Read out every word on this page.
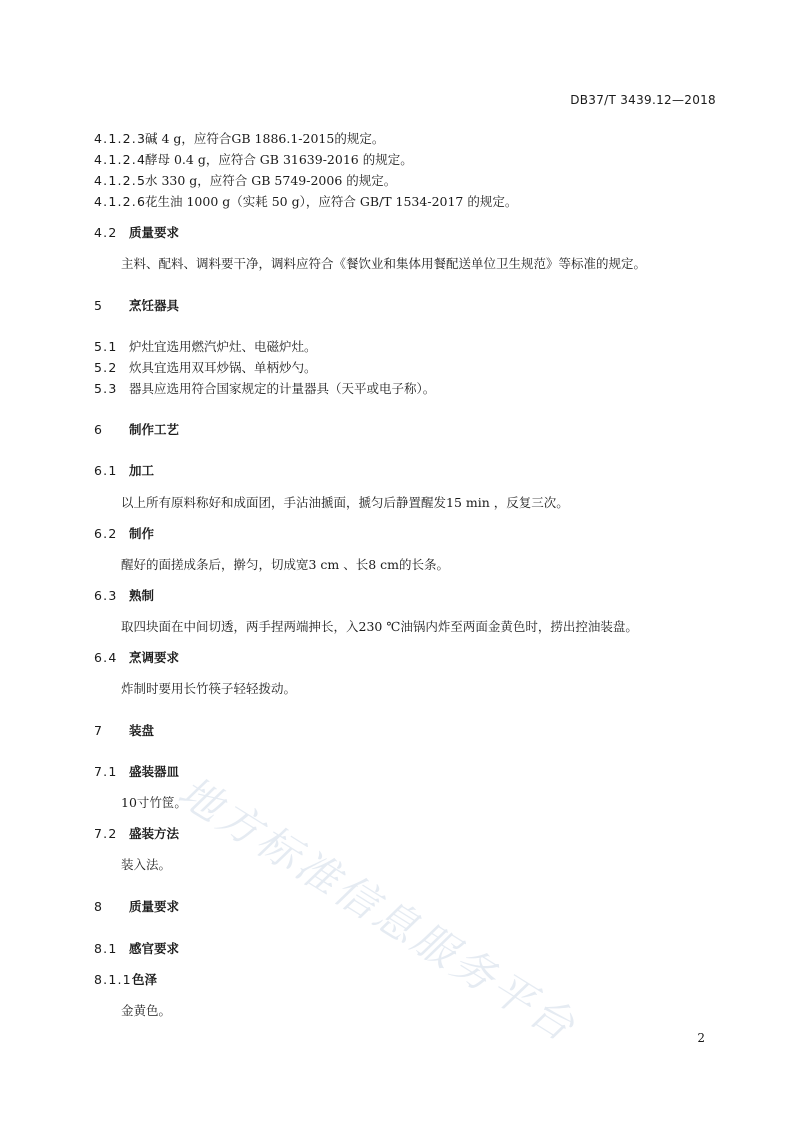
DB37/T 3439.12—2018
4.1.2.3碱 4 g，应符合GB 1886.1-2015的规定。
4.1.2.4酵母 0.4 g，应符合 GB 31639-2016 的规定。
4.1.2.5水 330 g，应符合 GB 5749-2006 的规定。
4.1.2.6花生油 1000 g（实耗 50 g），应符合 GB/T 1534-2017 的规定。
4.2 质量要求
主料、配料、调料要干净，调料应符合《餐饮业和集体用餐配送单位卫生规范》等标准的规定。
5 烹饪器具
5.1 炉灶宜选用燃汽炉灶、电磁炉灶。
5.2 炊具宜选用双耳炒锅、单柄炒勺。
5.3 器具应选用符合国家规定的计量器具（天平或电子称）。
6 制作工艺
6.1 加工
以上所有原料称好和成面团，手沾油搋面，搋匀后静置醒发15 min ，反复三次。
6.2 制作
醒好的面搓成条后，擀匀，切成宽3 cm 、长8 cm的长条。
6.3 熟制
取四块面在中间切透，两手捏两端抻长，入230 ℃油锅内炸至两面金黄色时，捞出控油装盘。
6.4 烹调要求
炸制时要用长竹筷子轻轻拨动。
7 装盘
7.1 盛装器皿
10寸竹筐。
7.2 盛装方法
装入法。
8 质量要求
8.1 感官要求
8.1.1色泽
金黄色。
地方标准信息服务平台	2
